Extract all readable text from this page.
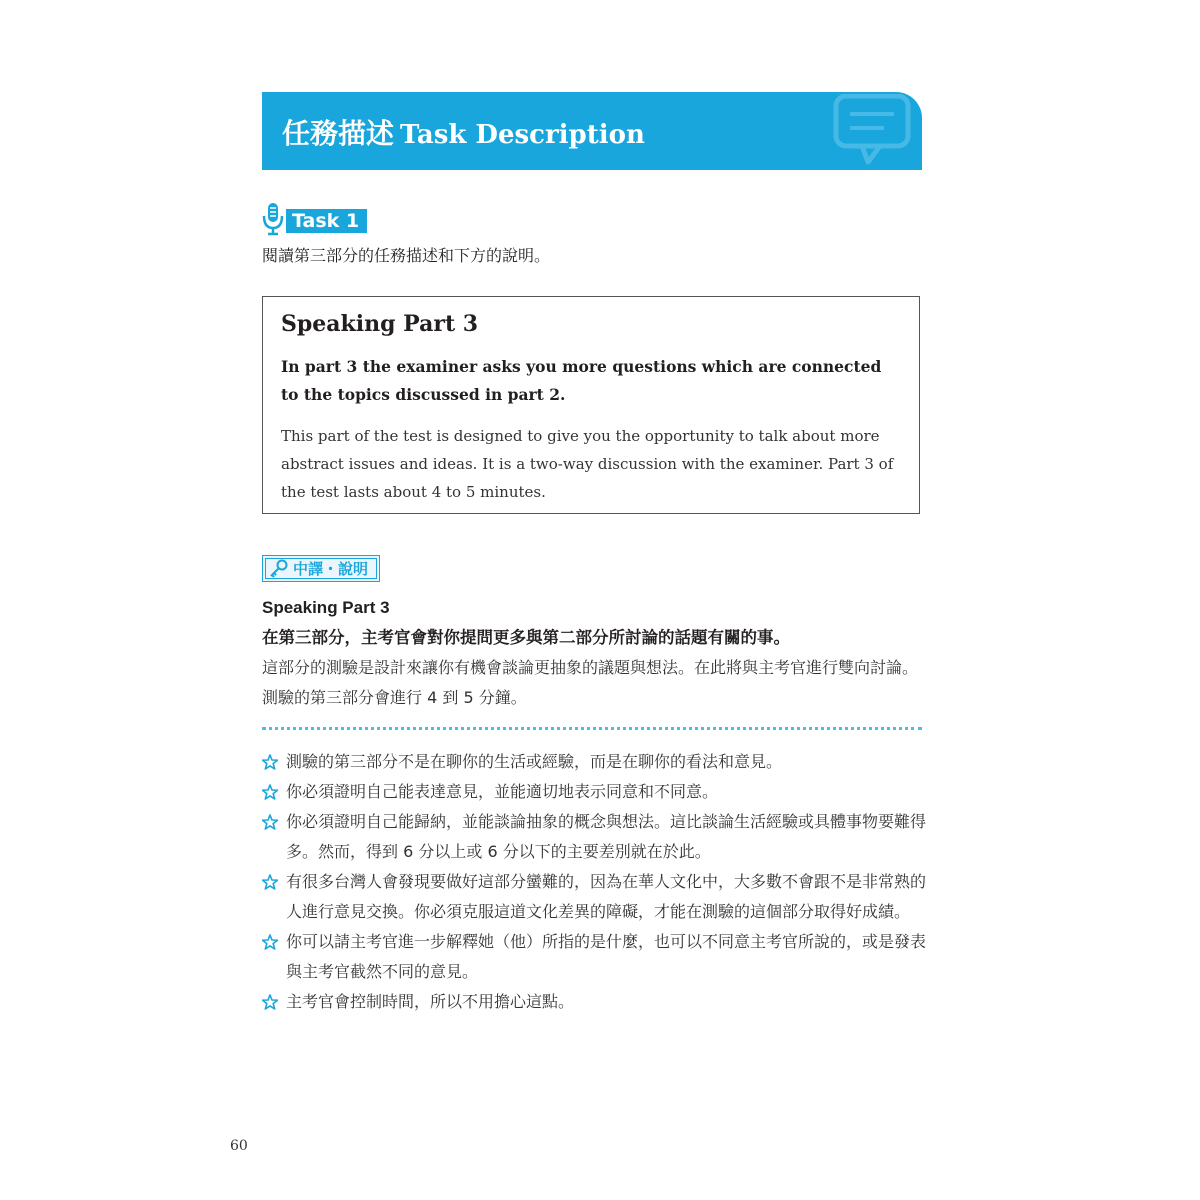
任務描述 Task Description
Task 1
閱讀第三部分的任務描述和下方的說明。
Speaking Part 3
In part 3 the examiner asks you more questions which are connected to the topics discussed in part 2.
This part of the test is designed to give you the opportunity to talk about more abstract issues and ideas. It is a two-way discussion with the examiner. Part 3 of the test lasts about 4 to 5 minutes.
中譯・說明
Speaking Part 3
在第三部分，主考官會對你提問更多與第二部分所討論的話題有關的事。
這部分的測驗是設計來讓你有機會談論更抽象的議題與想法。在此將與主考官進行雙向討論。測驗的第三部分會進行 4 到 5 分鐘。
測驗的第三部分不是在聊你的生活或經驗，而是在聊你的看法和意見。
你必須證明自己能表達意見，並能適切地表示同意和不同意。
你必須證明自己能歸納，並能談論抽象的概念與想法。這比談論生活經驗或具體事物要難得多。然而，得到 6 分以上或 6 分以下的主要差別就在於此。
有很多台灣人會發現要做好這部分蠻難的，因為在華人文化中，大多數不會跟不是非常熟的人進行意見交換。你必須克服這道文化差異的障礙，才能在測驗的這個部分取得好成績。
你可以請主考官進一步解釋她（他）所指的是什麼，也可以不同意主考官所說的，或是發表與主考官截然不同的意見。
主考官會控制時間，所以不用擔心這點。
60
